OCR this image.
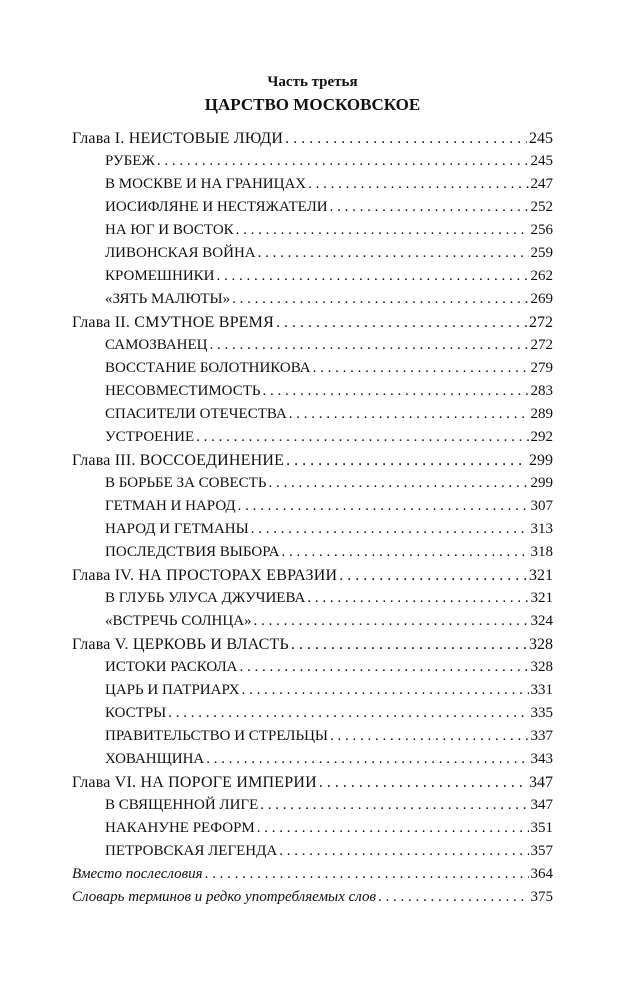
Часть третья
ЦАРСТВО МОСКОВСКОЕ
Глава I. НЕИСТОВЫЕ ЛЮДИ . . .	245
РУБЕЖ . . .	245
В МОСКВЕ И НА ГРАНИЦАХ . . .	247
ИОСИФЛЯНЕ И НЕСТЯЖАТЕЛИ . . .	252
НА ЮГ И ВОСТОК . . .	256
ЛИВОНСКАЯ ВОЙНА . . .	259
КРОМЕШНИКИ . . .	262
«ЗЯТЬ МАЛЮТЫ» . . .	269
Глава II. СМУТНОЕ ВРЕМЯ . . .	272
САМОЗВАНЕЦ . . .	272
ВОССТАНИЕ БОЛОТНИКОВА . . .	279
НЕСОВМЕСТИМОСТЬ . . .	283
СПАСИТЕЛИ ОТЕЧЕСТВА . . .	289
УСТРОЕНИЕ . . .	292
Глава III. ВОССОЕДИНЕНИЕ . . .	299
В БОРЬБЕ ЗА СОВЕСТЬ . . .	299
ГЕТМАН И НАРОД . . .	307
НАРОД И ГЕТМАНЫ . . .	313
ПОСЛЕДСТВИЯ ВЫБОРА . . .	318
Глава IV. НА ПРОСТОРАХ ЕВРАЗИИ . . .	321
В ГЛУБЬ УЛУСА ДЖУЧИЕВА . . .	321
«ВСТРЕЧЬ СОЛНЦА» . . .	324
Глава V. ЦЕРКОВЬ И ВЛАСТЬ . . .	328
ИСТОКИ РАСКОЛА . . .	328
ЦАРЬ И ПАТРИАРХ . . .	331
КОСТРЫ . . .	335
ПРАВИТЕЛЬСТВО И СТРЕЛЬЦЫ . . .	337
ХОВАНЩИНА . . .	343
Глава VI. НА ПОРОГЕ ИМПЕРИИ . . .	347
В СВЯЩЕННОЙ ЛИГЕ . . .	347
НАКАНУНЕ РЕФОРМ . . .	351
ПЕТРОВСКАЯ ЛЕГЕНДА . . .	357
Вместо послесловия . . .	364
Словарь терминов и редко употребляемых слов . . .	375
